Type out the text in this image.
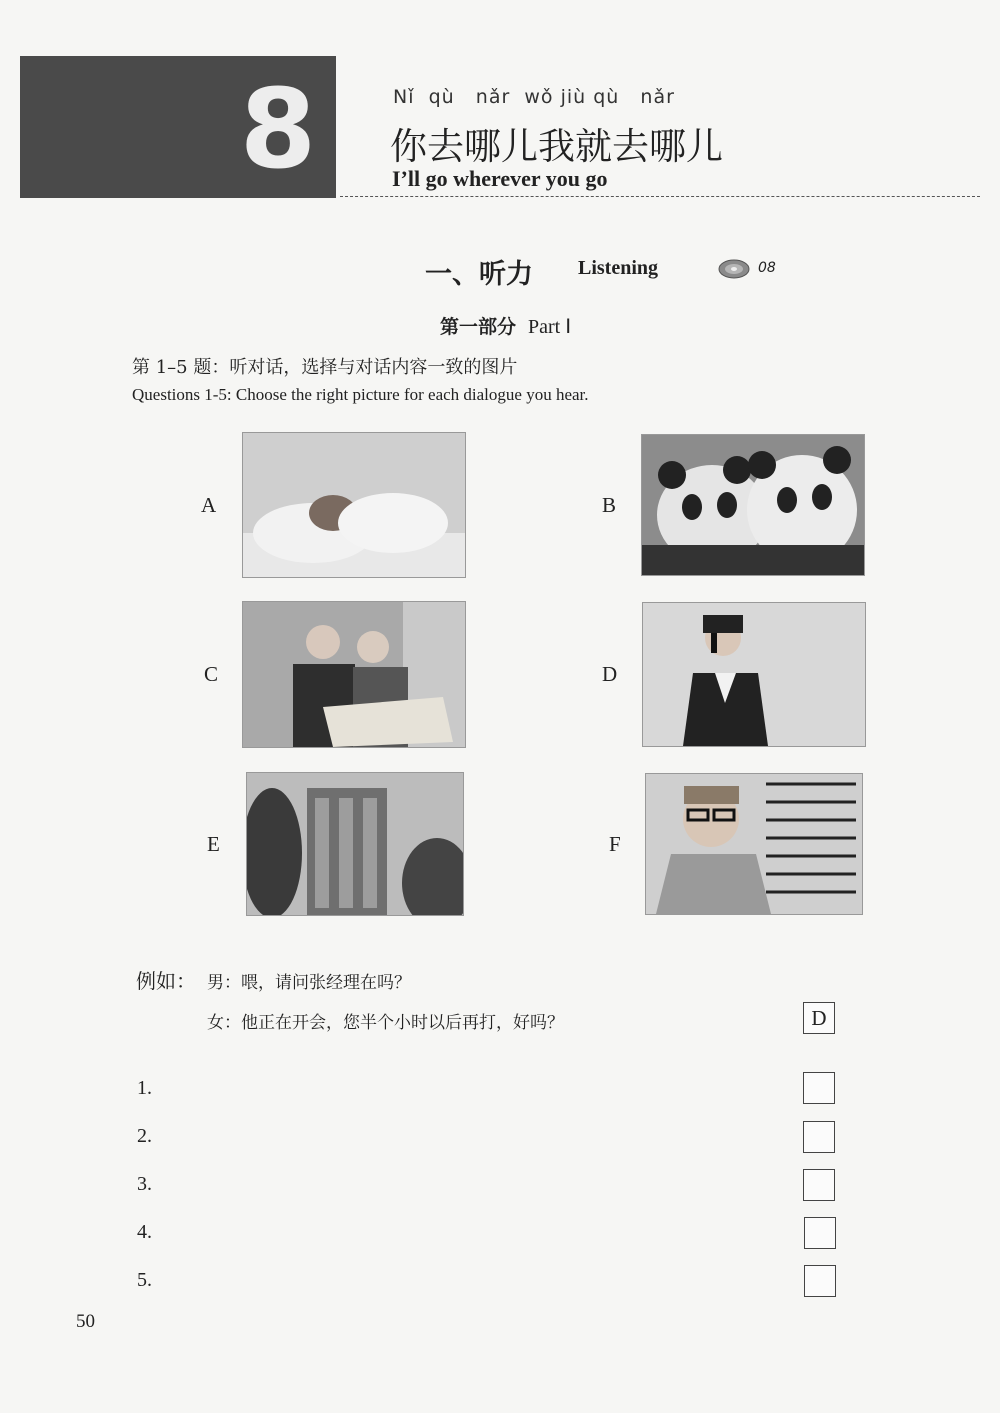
8	Nǐ  qù   nǎr  wǒ jiù qù   nǎr
你去哪儿我就去哪儿
I’ll go wherever you go
一、听力 Listening	08
第一部分 Part Ⅰ
第 1–5 题：听对话，选择与对话内容一致的图片
Questions 1-5: Choose the right picture for each dialogue you hear.
A	B
C	D
E	F
例如： 男：喂，请问张经理在吗？
女：他正在开会，您半个小时以后再打，好吗？	D
1.
2.
3.
4.
5.
50
